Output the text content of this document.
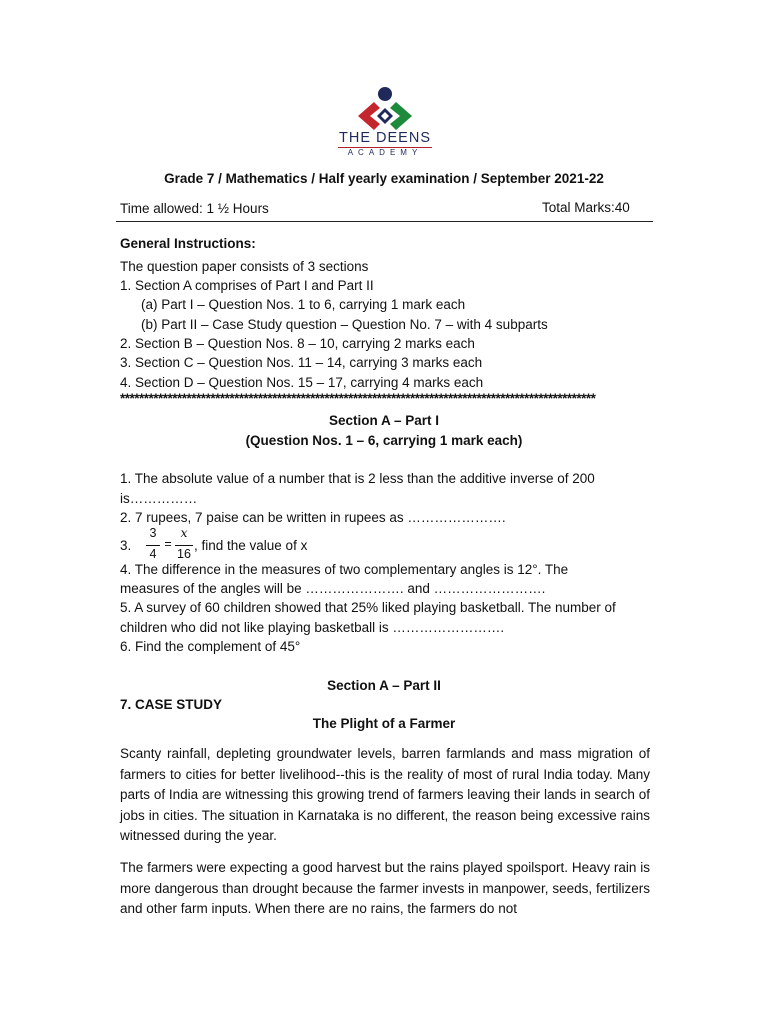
THE DEENS
ACADEMY
Grade 7 / Mathematics / Half yearly examination / September 2021-22
Time allowed: 1 ½ Hours	Total Marks:40
General Instructions:
The question paper consists of 3 sections
1. Section A comprises of Part I and Part II
(a) Part I – Question Nos. 1 to 6, carrying 1 mark each
(b) Part II – Case Study question – Question No. 7 – with 4 subparts
2. Section B – Question Nos. 8 – 10, carrying 2 marks each
3. Section C – Question Nos. 11 – 14, carrying 3 marks each
4. Section D – Question Nos. 15 – 17, carrying 4 marks each
****************************************************************************************************
Section A – Part I
(Question Nos. 1 – 6, carrying 1 mark each)
1. The absolute value of a number that is 2 less than the additive inverse of 200
is……………
2. 7 rupees, 7 paise can be written in rupees as ………………….
3.
3
4
=
x
16
, find the value of x
4. The difference in the measures of two complementary angles is 12°. The
measures of the angles will be …………………. and …………………….
5. A survey of 60 children showed that 25% liked playing basketball. The number of
children who did not like playing basketball is …………………….
6. Find the complement of 45°
Section A – Part II
7. CASE STUDY
The Plight of a Farmer
Scanty rainfall, depleting groundwater levels, barren farmlands and mass migration of farmers to cities for better livelihood--this is the reality of most of rural India today. Many parts of India are witnessing this growing trend of farmers leaving their lands in search of jobs in cities. The situation in Karnataka is no different, the reason being excessive rains witnessed during the year.
The farmers were expecting a good harvest but the rains played spoilsport. Heavy rain is more dangerous than drought because the farmer invests in manpower, seeds, fertilizers and other farm inputs. When there are no rains, the farmers do not
